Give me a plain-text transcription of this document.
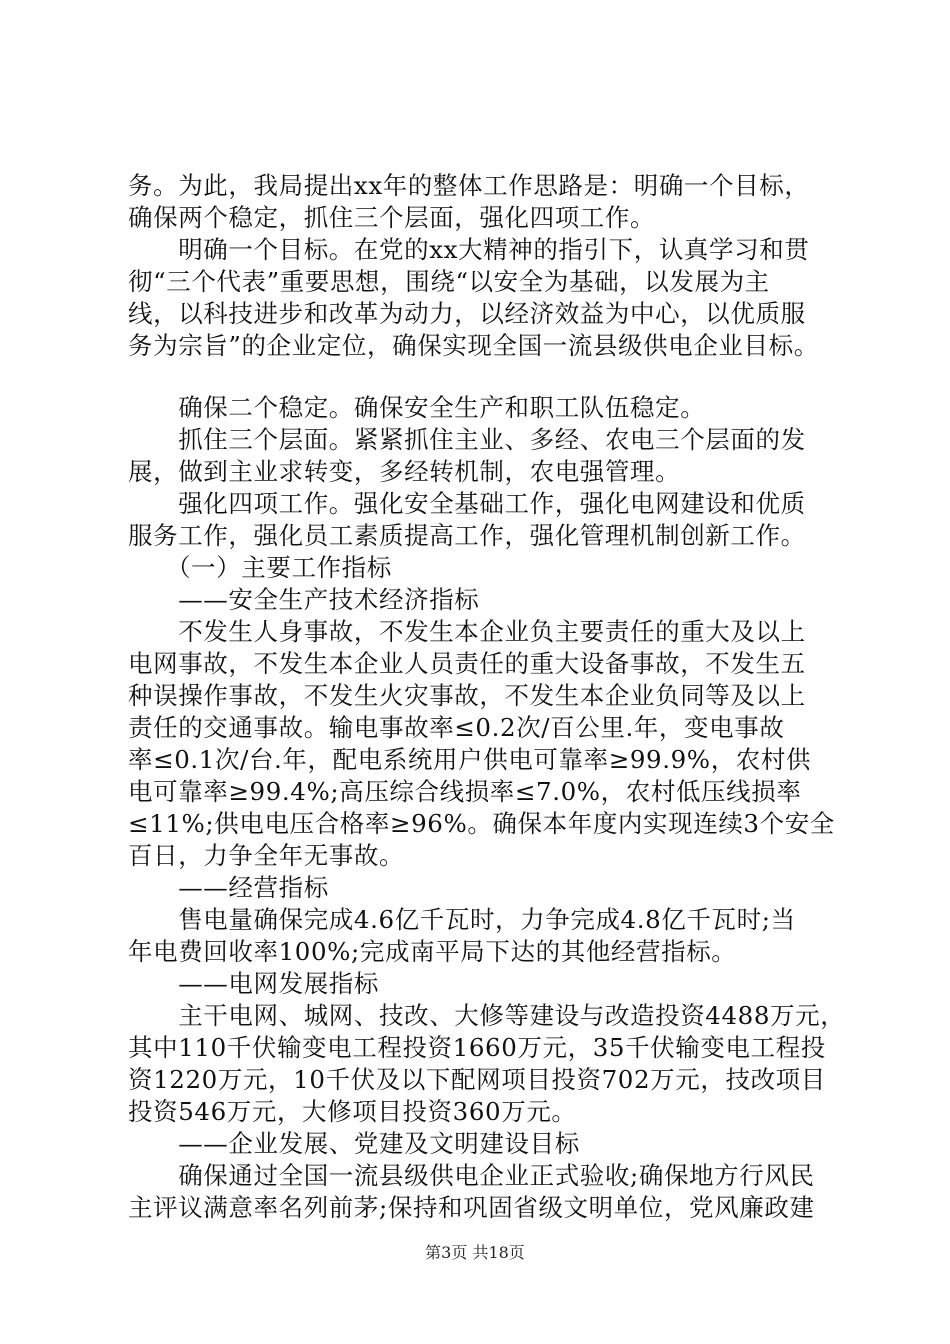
务。为此，我局提出xx年的整体工作思路是：明确一个目标，
确保两个稳定，抓住三个层面，强化四项工作。
　　明确一个目标。在党的xx大精神的指引下，认真学习和贯
彻“三个代表”重要思想，围绕“以安全为基础，以发展为主
线，以科技进步和改革为动力，以经济效益为中心，以优质服
务为宗旨”的企业定位，确保实现全国一流县级供电企业目标。
　　确保二个稳定。确保安全生产和职工队伍稳定。
　　抓住三个层面。紧紧抓住主业、多经、农电三个层面的发
展，做到主业求转变，多经转机制，农电强管理。
　　强化四项工作。强化安全基础工作，强化电网建设和优质
服务工作，强化员工素质提高工作，强化管理机制创新工作。
　　（一）主要工作指标
　　——安全生产技术经济指标
　　不发生人身事故，不发生本企业负主要责任的重大及以上
电网事故，不发生本企业人员责任的重大设备事故，不发生五
种误操作事故，不发生火灾事故，不发生本企业负同等及以上
责任的交通事故。输电事故率≤0.2次/百公里.年，变电事故
率≤0.1次/台.年，配电系统用户供电可靠率≥99.9%，农村供
电可靠率≥99.4%;高压综合线损率≤7.0%，农村低压线损率
≤11%;供电电压合格率≥96%。确保本年度内实现连续3个安全
百日，力争全年无事故。
　　——经营指标
　　售电量确保完成4.6亿千瓦时，力争完成4.8亿千瓦时;当
年电费回收率100%;完成南平局下达的其他经营指标。
　　——电网发展指标
　　主干电网、城网、技改、大修等建设与改造投资4488万元，
其中110千伏输变电工程投资1660万元，35千伏输变电工程投
资1220万元，10千伏及以下配网项目投资702万元，技改项目
投资546万元，大修项目投资360万元。
　　——企业发展、党建及文明建设目标
　　确保通过全国一流县级供电企业正式验收;确保地方行风民
主评议满意率名列前茅;保持和巩固省级文明单位，党风廉政建
第3页 共18页
